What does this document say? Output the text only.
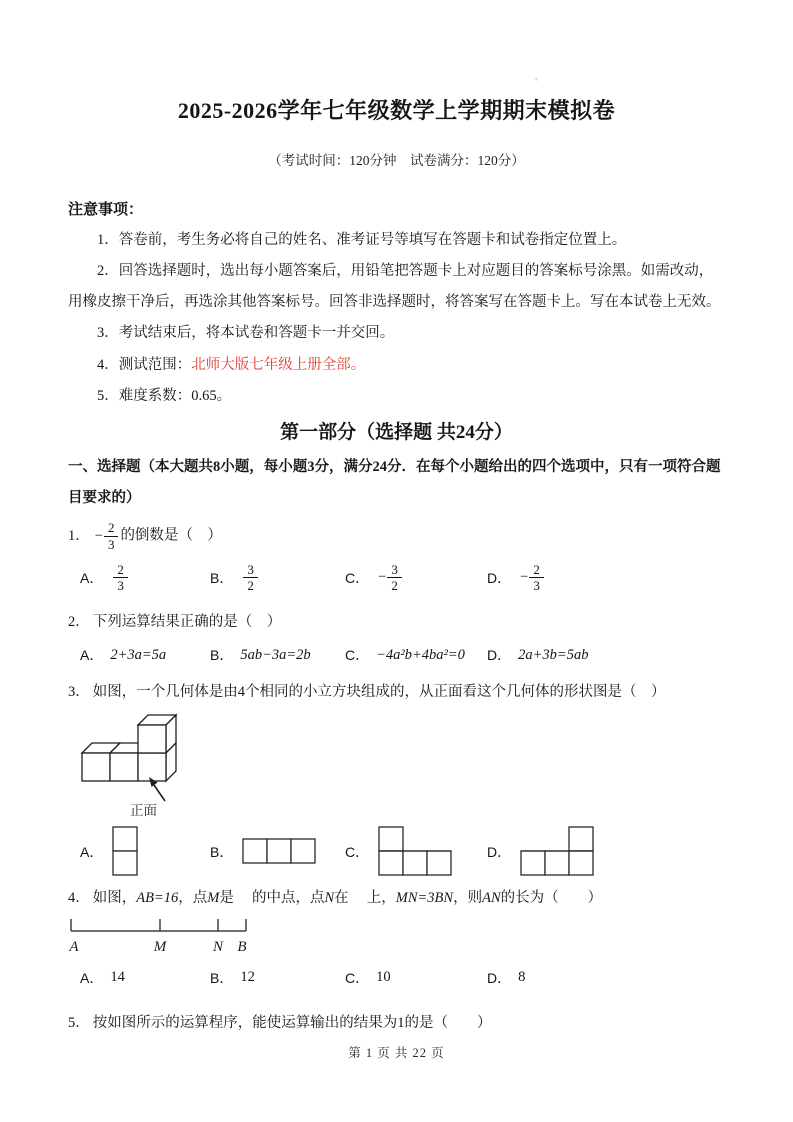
+
2025-2026学年七年级数学上学期期末模拟卷

（考试时间：120分钟　试卷满分：120分）

注意事项：

1．答卷前，考生务必将自己的姓名、准考证号等填写在答题卡和试卷指定位置上。

2．回答选择题时，选出每小题答案后，用铅笔把答题卡上对应题目的答案标号涂黑。如需改动，用橡皮擦干净后，再选涂其他答案标号。回答非选择题时，将答案写在答题卡上。写在本试卷上无效。

3．考试结束后，将本试卷和答题卡一并交回。

4．测试范围：北师大版七年级上册全部。

5．难度系数：0.65。

第一部分（选择题 共24分）

一、选择题（本大题共8小题，每小题3分，满分24分．在每个小题给出的四个选项中，只有一项符合题目要求的）

1． − $\frac{2}{3}$ 的倒数是（　）

A． $\frac{2}{3}$	B． $\frac{3}{2}$	C． − $\frac{3}{2}$	D． − $\frac{2}{3}$

2． 下列运算结果正确的是（　）

A． 2+3a=5a	B． 5ab−3a=2b C． −4a²b+4ba²=0 D． 2a+3b=5ab

3． 如图，一个几何体是由4个相同的小立方块组成的，从正面看这个几何体的形状图是（　）

正面
A．	B．	C．	D．

4． 如图，AB=16，点M是　 的中点，点N在　 上，MN=3BN，则AN的长为（　　）

A	M	N B
A． 14	B． 12	C． 10	D． 8

5． 按如图所示的运算程序，能使运算输出的结果为1的是（　　）

第 1 页 共 22 页
